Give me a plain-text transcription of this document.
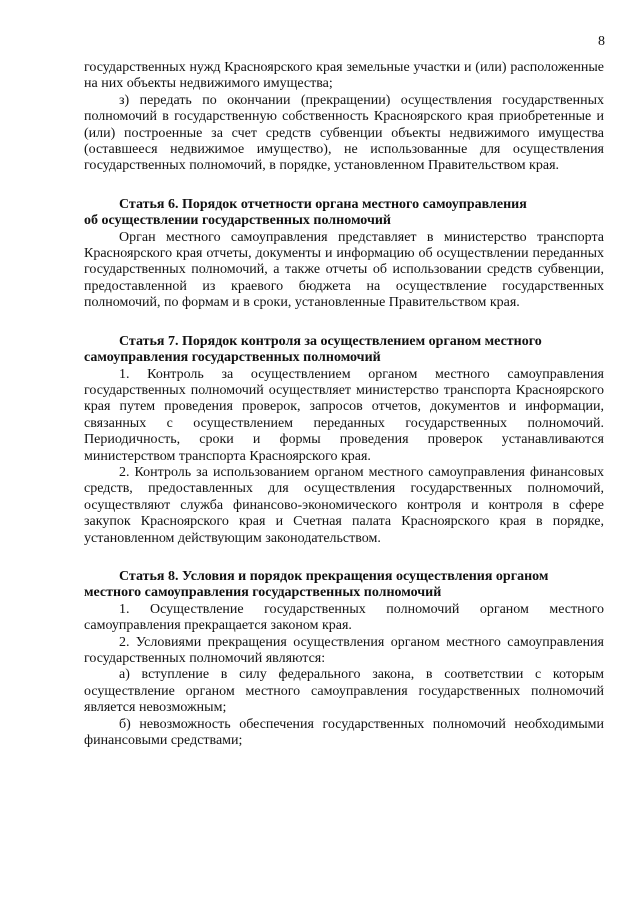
8

государственных нужд Красноярского края земельные участки и (или) расположенные на них объекты недвижимого имущества;

з) передать по окончании (прекращении) осуществления государственных полномочий в государственную собственность Красноярского края приобретенные и (или) построенные за счет средств субвенции объекты недвижимого имущества (оставшееся недвижимое имущество), не использованные для осуществления государственных полномочий, в порядке, установленном Правительством края.

Статья 6. Порядок отчетности органа местного самоуправления
об осуществлении государственных полномочий

Орган местного самоуправления представляет в министерство транспорта Красноярского края отчеты, документы и информацию об осуществлении переданных государственных полномочий, а также отчеты об использовании средств субвенции, предоставленной из краевого бюджета на осуществление государственных полномочий, по формам и в сроки, установленные Правительством края.

Статья 7. Порядок контроля за осуществлением органом местного
самоуправления государственных полномочий

1. Контроль за осуществлением органом местного самоуправления государственных полномочий осуществляет министерство транспорта Красноярского края путем проведения проверок, запросов отчетов, документов и информации, связанных с осуществлением переданных государственных полномочий. Периодичность, сроки и формы проведения проверок устанавливаются министерством транспорта Красноярского края.

2. Контроль за использованием органом местного самоуправления финансовых средств, предоставленных для осуществления государственных полномочий, осуществляют служба финансово-экономического контроля и контроля в сфере закупок Красноярского края и Счетная палата Красноярского края в порядке, установленном действующим законодательством.

Статья 8. Условия и порядок прекращения осуществления органом
местного самоуправления государственных полномочий

1. Осуществление государственных полномочий органом местного самоуправления прекращается законом края.

2. Условиями прекращения осуществления органом местного самоуправления государственных полномочий являются:

а) вступление в силу федерального закона, в соответствии с которым осуществление органом местного самоуправления государственных полномочий является невозможным;

б) невозможность обеспечения государственных полномочий необходимыми финансовыми средствами;
